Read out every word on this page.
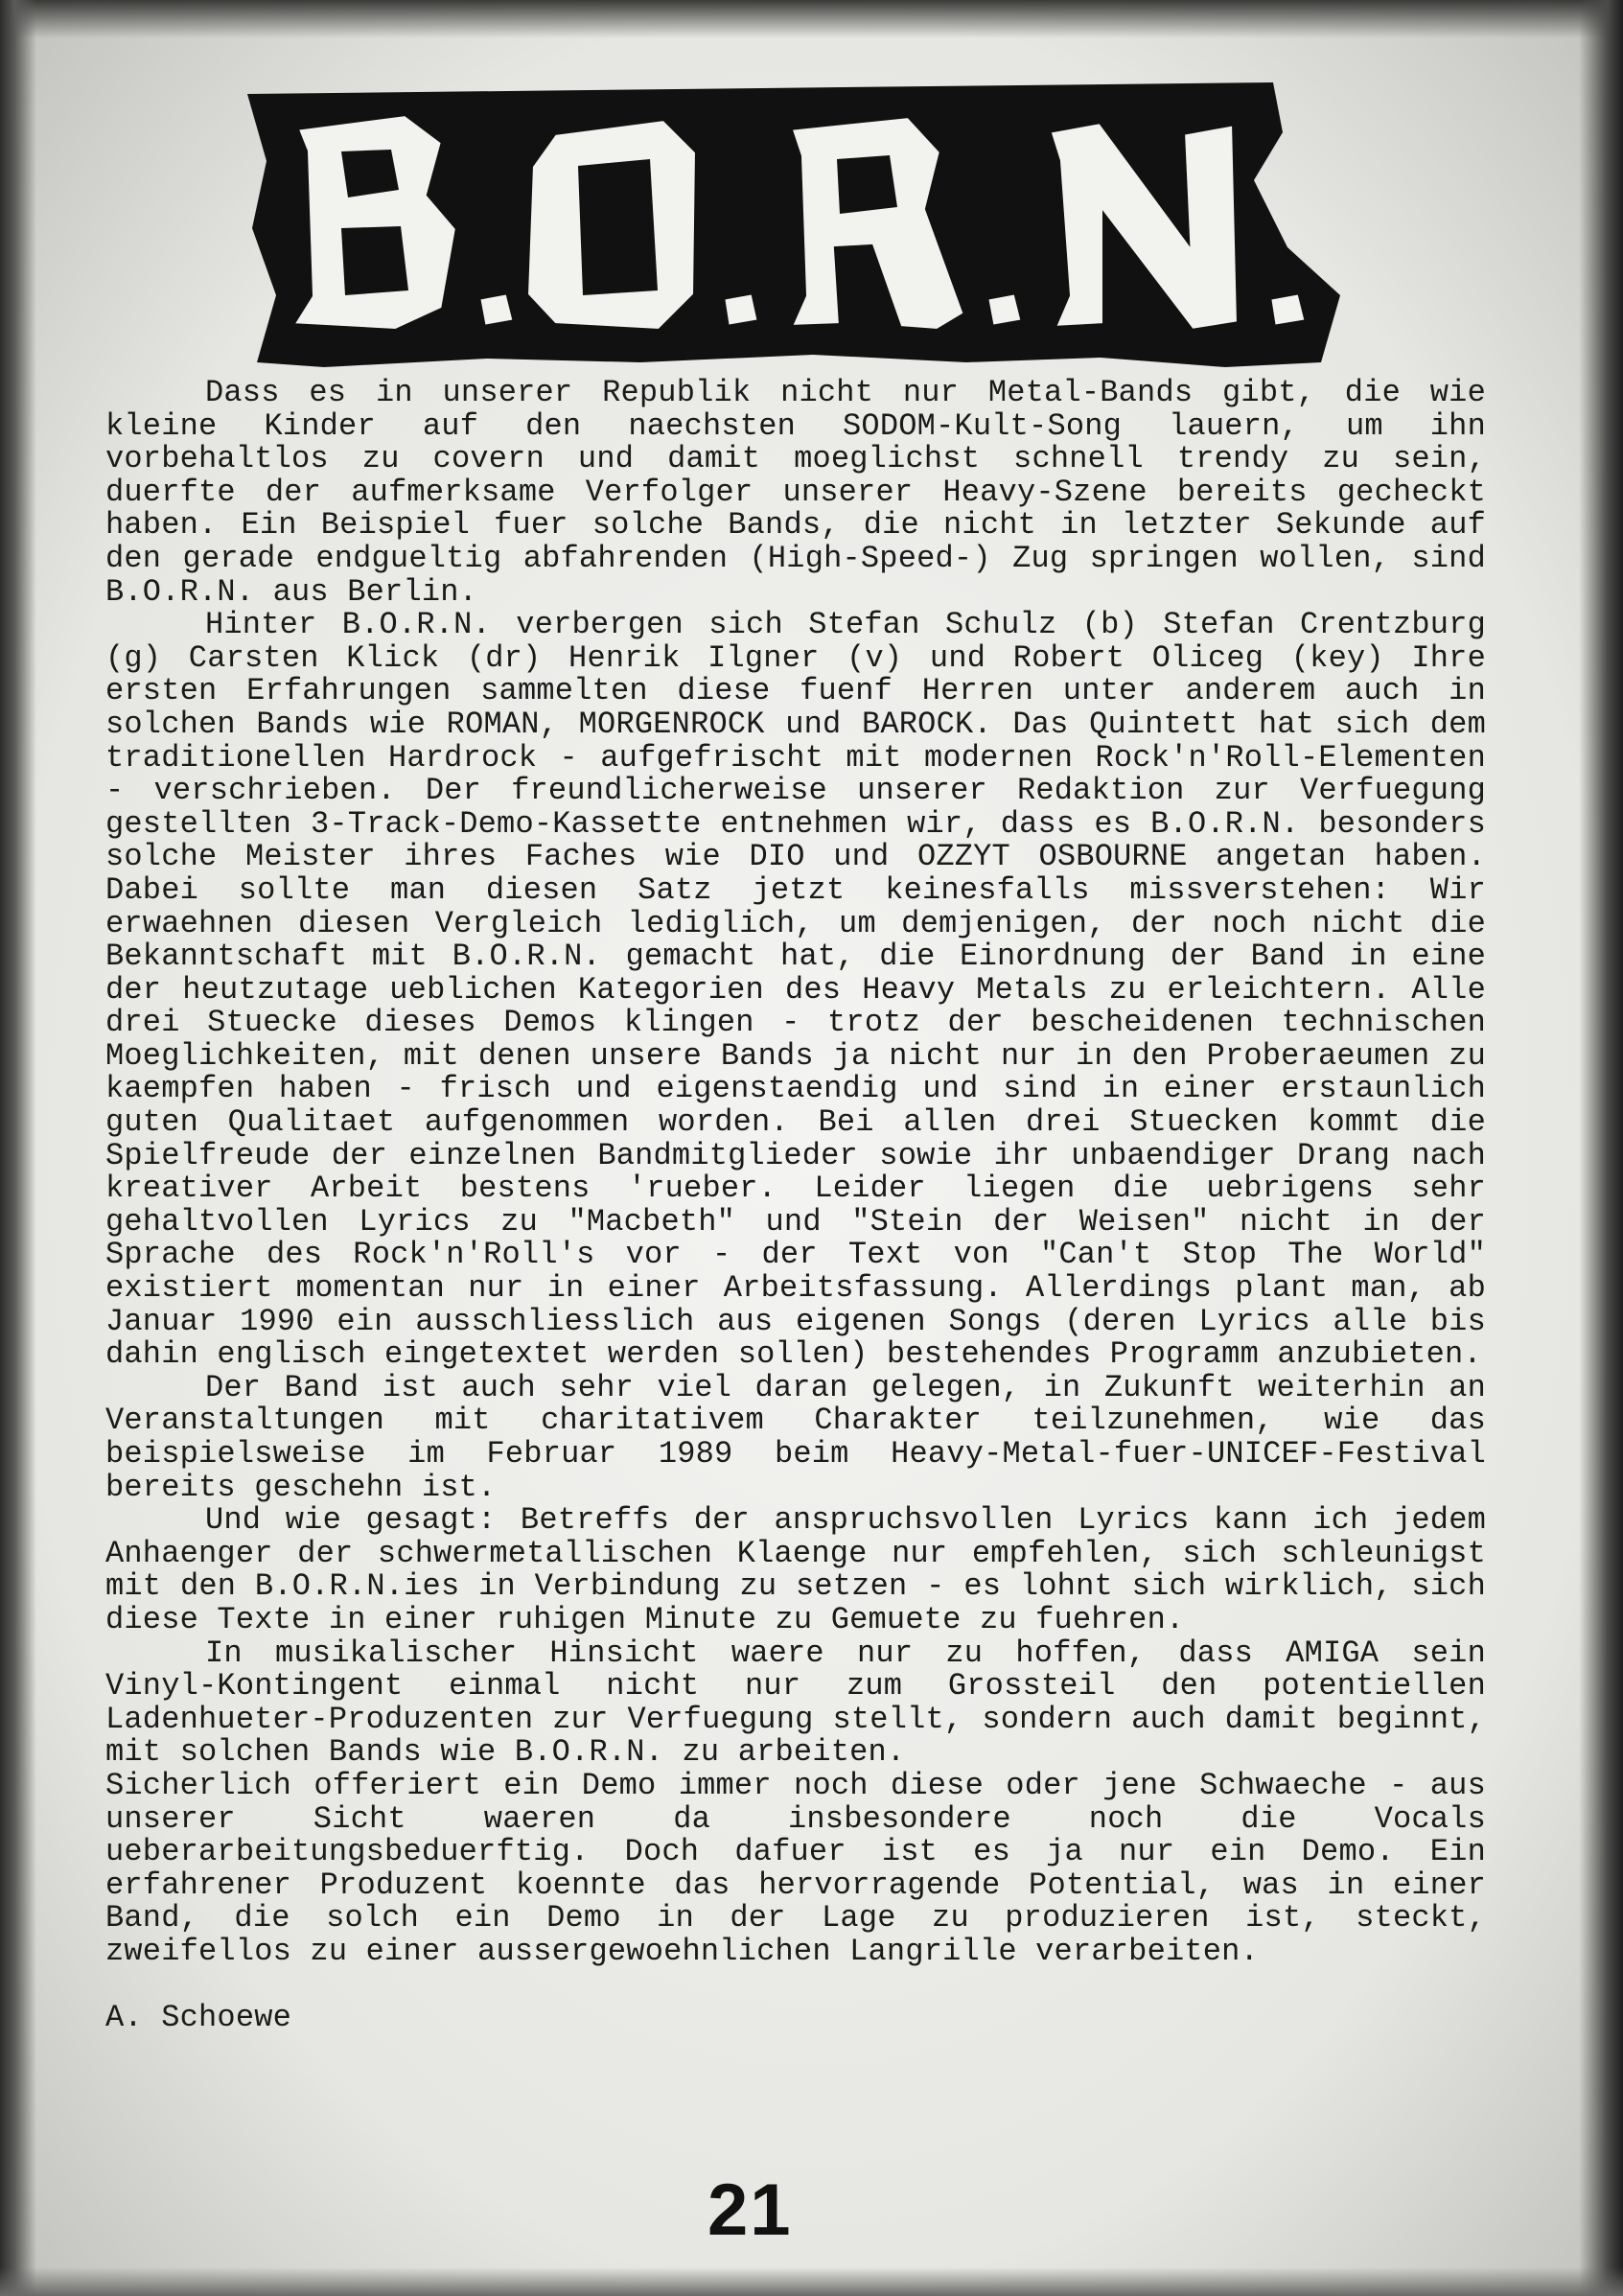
Dass es in unserer Republik nicht nur Metal-Bands gibt, die wie kleine Kinder auf den naechsten SODOM-Kult-Song lauern, um ihn vorbehaltlos zu covern und damit moeglichst schnell trendy zu sein, duerfte der aufmerksame Verfolger unserer Heavy-Szene bereits gecheckt haben. Ein Beispiel fuer solche Bands, die nicht in letzter Sekunde auf den gerade endgueltig abfahrenden (High-Speed-) Zug springen wollen, sind B.O.R.N. aus Berlin.

Hinter B.O.R.N. verbergen sich Stefan Schulz (b) Stefan Crentzburg (g) Carsten Klick (dr) Henrik Ilgner (v) und Robert Oliceg (key) Ihre ersten Erfahrungen sammelten diese fuenf Herren unter anderem auch in solchen Bands wie ROMAN, MORGENROCK und BAROCK. Das Quintett hat sich dem traditionellen Hardrock - aufgefrischt mit modernen Rock'n'Roll-Elementen - verschrieben. Der freundlicherweise unserer Redaktion zur Verfuegung gestellten 3-Track-Demo-Kassette entnehmen wir, dass es B.O.R.N. besonders solche Meister ihres Faches wie DIO und OZZYT OSBOURNE angetan haben. Dabei sollte man diesen Satz jetzt keinesfalls missverstehen: Wir erwaehnen diesen Vergleich lediglich, um demjenigen, der noch nicht die Bekanntschaft mit B.O.R.N. gemacht hat, die Einordnung der Band in eine der heutzutage ueblichen Kategorien des Heavy Metals zu erleichtern. Alle drei Stuecke dieses Demos klingen - trotz der bescheidenen technischen Moeglichkeiten, mit denen unsere Bands ja nicht nur in den Proberaeumen zu kaempfen haben - frisch und eigenstaendig und sind in einer erstaunlich guten Qualitaet aufgenommen worden. Bei allen drei Stuecken kommt die Spielfreude der einzelnen Bandmitglieder sowie ihr unbaendiger Drang nach kreativer Arbeit bestens 'rueber. Leider liegen die uebrigens sehr gehaltvollen Lyrics zu "Macbeth" und "Stein der Weisen" nicht in der Sprache des Rock'n'Roll's vor - der Text von "Can't Stop The World" existiert momentan nur in einer Arbeitsfassung. Allerdings plant man, ab Januar 1990 ein ausschliesslich aus eigenen Songs (deren Lyrics alle bis dahin englisch eingetextet werden sollen) bestehendes Programm anzubieten.

Der Band ist auch sehr viel daran gelegen, in Zukunft weiterhin an Veranstaltungen mit charitativem Charakter teilzunehmen, wie das beispielsweise im Februar 1989 beim Heavy-Metal-fuer-UNICEF-Festival bereits geschehn ist.

Und wie gesagt: Betreffs der anspruchsvollen Lyrics kann ich jedem Anhaenger der schwermetallischen Klaenge nur empfehlen, sich schleunigst mit den B.O.R.N.ies in Verbindung zu setzen - es lohnt sich wirklich, sich diese Texte in einer ruhigen Minute zu Gemuete zu fuehren.

In musikalischer Hinsicht waere nur zu hoffen, dass AMIGA sein Vinyl-Kontingent einmal nicht nur zum Grossteil den potentiellen Ladenhueter-Produzenten zur Verfuegung stellt, sondern auch damit beginnt, mit solchen Bands wie B.O.R.N. zu arbeiten.

Sicherlich offeriert ein Demo immer noch diese oder jene Schwaeche - aus unserer Sicht waeren da insbesondere noch die Vocals ueberarbeitungsbeduerftig. Doch dafuer ist es ja nur ein Demo. Ein erfahrener Produzent koennte das hervorragende Potential, was in einer Band, die solch ein Demo in der Lage zu produzieren ist, steckt, zweifellos zu einer aussergewoehnlichen Langrille verarbeiten.

A. Schoewe

21
